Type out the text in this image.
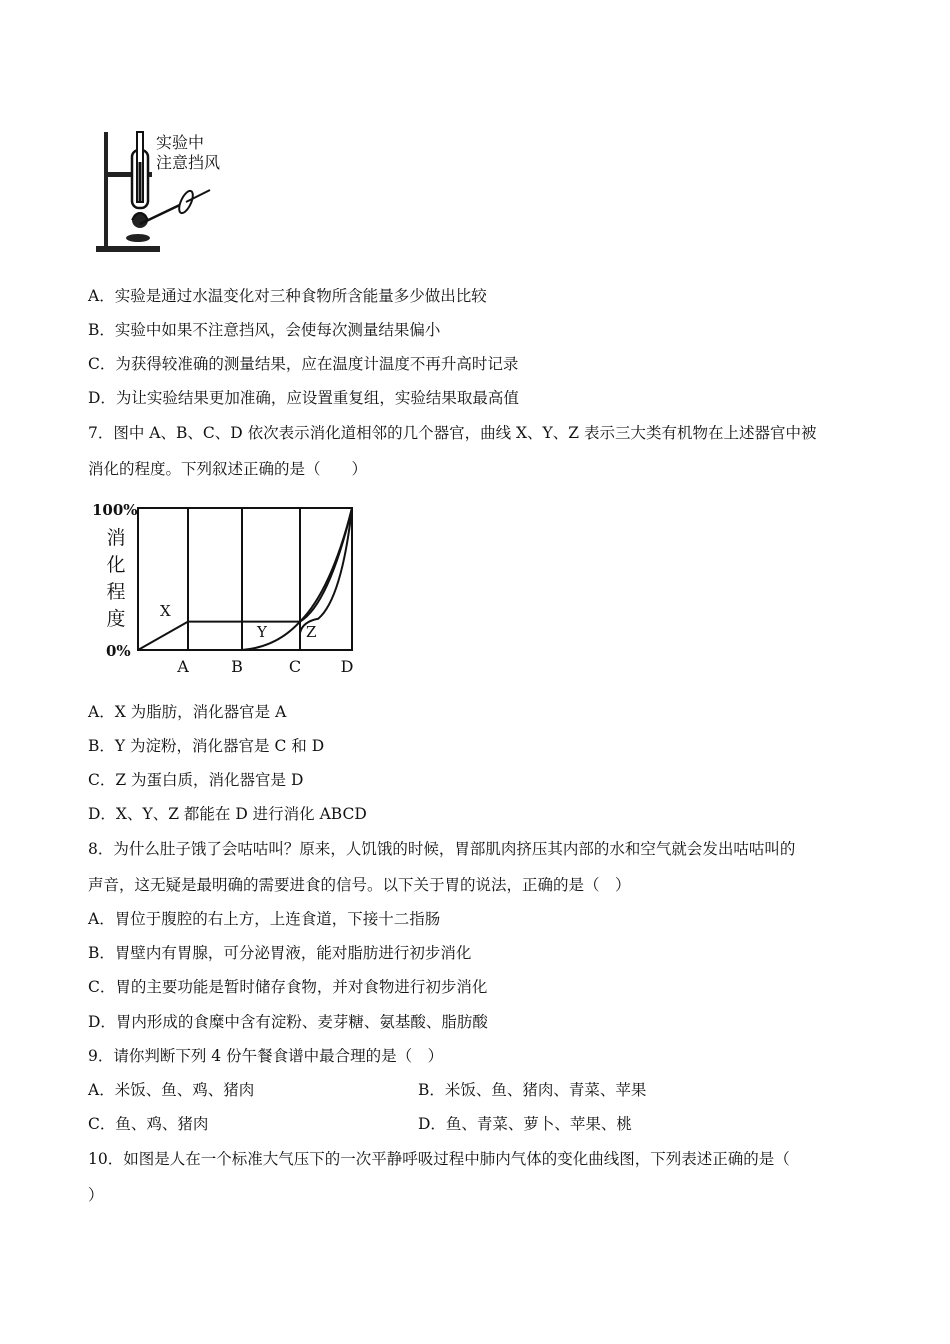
实验中
注意挡风
A．实验是通过水温变化对三种食物所含能量多少做出比较
B．实验中如果不注意挡风，会使每次测量结果偏小
C．为获得较准确的测量结果，应在温度计温度不再升高时记录
D．为让实验结果更加准确，应设置重复组，实验结果取最高值
7．图中 A、B、C、D 依次表示消化道相邻的几个器官，曲线 X、Y、Z 表示三大类有机物在上述器官中被
消化的程度。下列叙述正确的是（　　）
100%
0%
消
化
程
度
A	B	C D
X
Y	Z
A．X 为脂肪，消化器官是 A
B．Y 为淀粉，消化器官是 C 和 D
C．Z 为蛋白质，消化器官是 D
D．X、Y、Z 都能在 D 进行消化 ABCD
8．为什么肚子饿了会咕咕叫？原来，人饥饿的时候，胃部肌肉挤压其内部的水和空气就会发出咕咕叫的
声音，这无疑是最明确的需要进食的信号。以下关于胃的说法，正确的是（　）
A．胃位于腹腔的右上方，上连食道，下接十二指肠
B．胃壁内有胃腺，可分泌胃液，能对脂肪进行初步消化
C．胃的主要功能是暂时储存食物，并对食物进行初步消化
D．胃内形成的食糜中含有淀粉、麦芽糖、氨基酸、脂肪酸
9．请你判断下列 4 份午餐食谱中最合理的是（　）
A．米饭、鱼、鸡、猪肉	B．米饭、鱼、猪肉、青菜、苹果
C．鱼、鸡、猪肉	D．鱼、青菜、萝卜、苹果、桃
10．如图是人在一个标准大气压下的一次平静呼吸过程中肺内气体的变化曲线图，下列表述正确的是（
）
